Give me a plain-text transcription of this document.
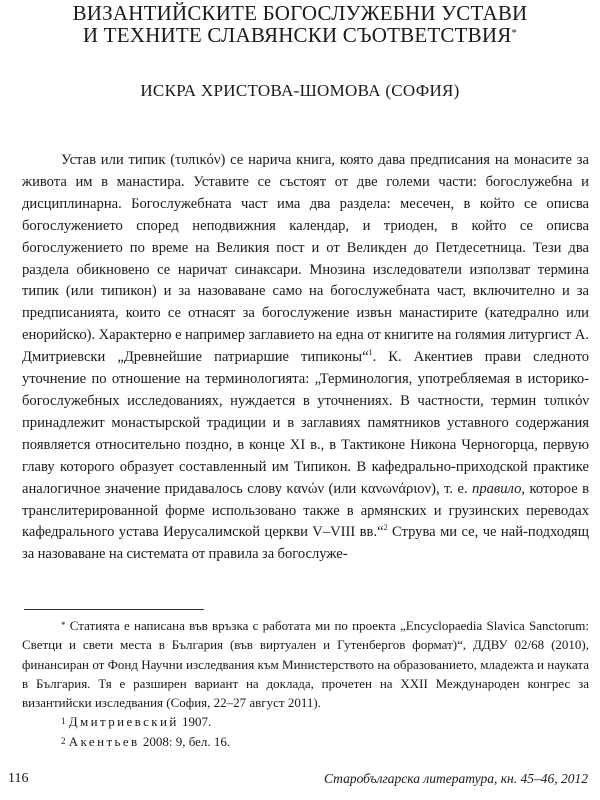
ВИЗАНТИЙСКИТЕ БОГОСЛУЖЕБНИ УСТАВИ
И ТЕХНИТЕ СЛАВЯНСКИ СЪОТВЕТСТВИЯ*
ИСКРА ХРИСТОВА-ШОМОВА (СОФИЯ)

Устав или типик (τυπικόν) се нарича книга, която дава предписания на монасите за живота им в манастира. Уставите се състоят от две големи части: богослужебна и дисциплинарна. Богослужебната част има два раздела: месечен, в който се описва богослужението според неподвижния календар, и триоден, в който се описва богослужението по време на Великия пост и от Великден до Петдесетница. Тези два раздела обикновено се наричат синаксари. Мнозина изследователи използват термина типик (или типикон) и за назоваване само на богослужебната част, включително и за предписанията, които се отнасят за богослужение извън манастирите (катедрално или енорийско). Характерно е например заглавието на една от книгите на голямия литургист А. Дмитриевски „Древнейшие патриаршие типиконы“$^1$. К. Акентиев прави следното уточнение по отношение на терминологията: „Терминология, употребляемая в историко-богослужебных исследованиях, нуждается в уточнениях. В частности, термин τυπικόν принадлежит монастырской традиции и в заглавиях памятников уставного содержания появляется относительно поздно, в конце XI в., в Тактиконе Никона Черногорца, первую главу которого образует составленный им Типикон. В кафедрально-приходской практике аналогичное значение придавалось слову κανών (или κανωνάριον), т. е. правило, которое в транслитерированной форме использовано также в армянских и грузинских переводах кафедрального устава Иерусалимской церкви V–VIII вв.“$^2$ Струва ми се, че най-подходящ за назоваване на системата от правила за богослуже-

* Статията е написана във връзка с работата ми по проекта „Encyclopaedia Slavica Sanctorum: Светци и свети места в България (във виртуален и Гутенбергов формат)“, ДДВУ 02/68 (2010), финансиран от Фонд Научни изследвания към Министерството на образованието, младежта и науката в България. Тя е разширен вариант на доклада, прочетен на XXII Международен конгрес за византийски изследвания (София, 22–27 август 2011).

$^1$ Дмитриевский 1907.

$^2$ Акентьев 2008: 9, бел. 16.

116	Старобългарска литература, кн. 45–46, 2012
